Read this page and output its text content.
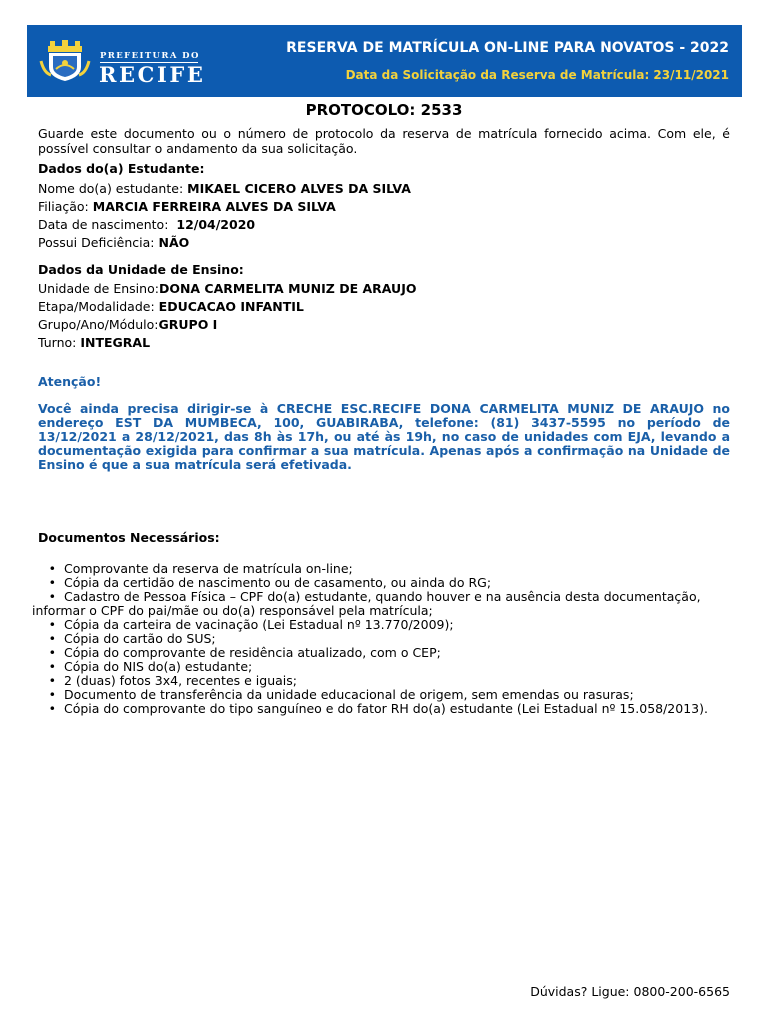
PREFEITURA DO
RECIFE
RESERVA DE MATRÍCULA ON-LINE PARA NOVATOS - 2022
Data da Solicitação da Reserva de Matrícula: 23/11/2021
PROTOCOLO: 2533
Guarde este documento ou o número de protocolo da reserva de matrícula fornecido acima. Com ele, é possível consultar o andamento da sua solicitação.
Dados do(a) Estudante:
Nome do(a) estudante: MIKAEL CICERO ALVES DA SILVA
Filiação: MARCIA FERREIRA ALVES DA SILVA
Data de nascimento: 12/04/2020
Possui Deficiência: NÃO
Dados da Unidade de Ensino:
Unidade de Ensino:DONA CARMELITA MUNIZ DE ARAUJO
Etapa/Modalidade: EDUCACAO INFANTIL
Grupo/Ano/Módulo:GRUPO I
Turno: INTEGRAL
Atenção!
Você ainda precisa dirigir-se à CRECHE ESC.RECIFE DONA CARMELITA MUNIZ DE ARAUJO no endereço EST DA MUMBECA, 100, GUABIRABA, telefone: (81) 3437-5595 no período de 13/12/2021 a 28/12/2021, das 8h às 17h, ou até às 19h, no caso de unidades com EJA, levando a documentação exigida para confirmar a sua matrícula. Apenas após a confirmação na Unidade de Ensino é que a sua matrícula será efetivada.
Documentos Necessários:

•  Comprovante da reserva de matrícula on-line;

•  Cópia da certidão de nascimento ou de casamento, ou ainda do RG;

•  Cadastro de Pessoa Física – CPF do(a) estudante, quando houver e na ausência desta documentação, informar o CPF do pai/mãe ou do(a) responsável pela matrícula;

•  Cópia da carteira de vacinação (Lei Estadual nº 13.770/2009);

•  Cópia do cartão do SUS;

•  Cópia do comprovante de residência atualizado, com o CEP;

•  Cópia do NIS do(a) estudante;

•  2 (duas) fotos 3x4, recentes e iguais;

•  Documento de transferência da unidade educacional de origem, sem emendas ou rasuras;

•  Cópia do comprovante do tipo sanguíneo e do fator RH do(a) estudante (Lei Estadual nº 15.058/2013).

Dúvidas? Ligue: 0800-200-6565
